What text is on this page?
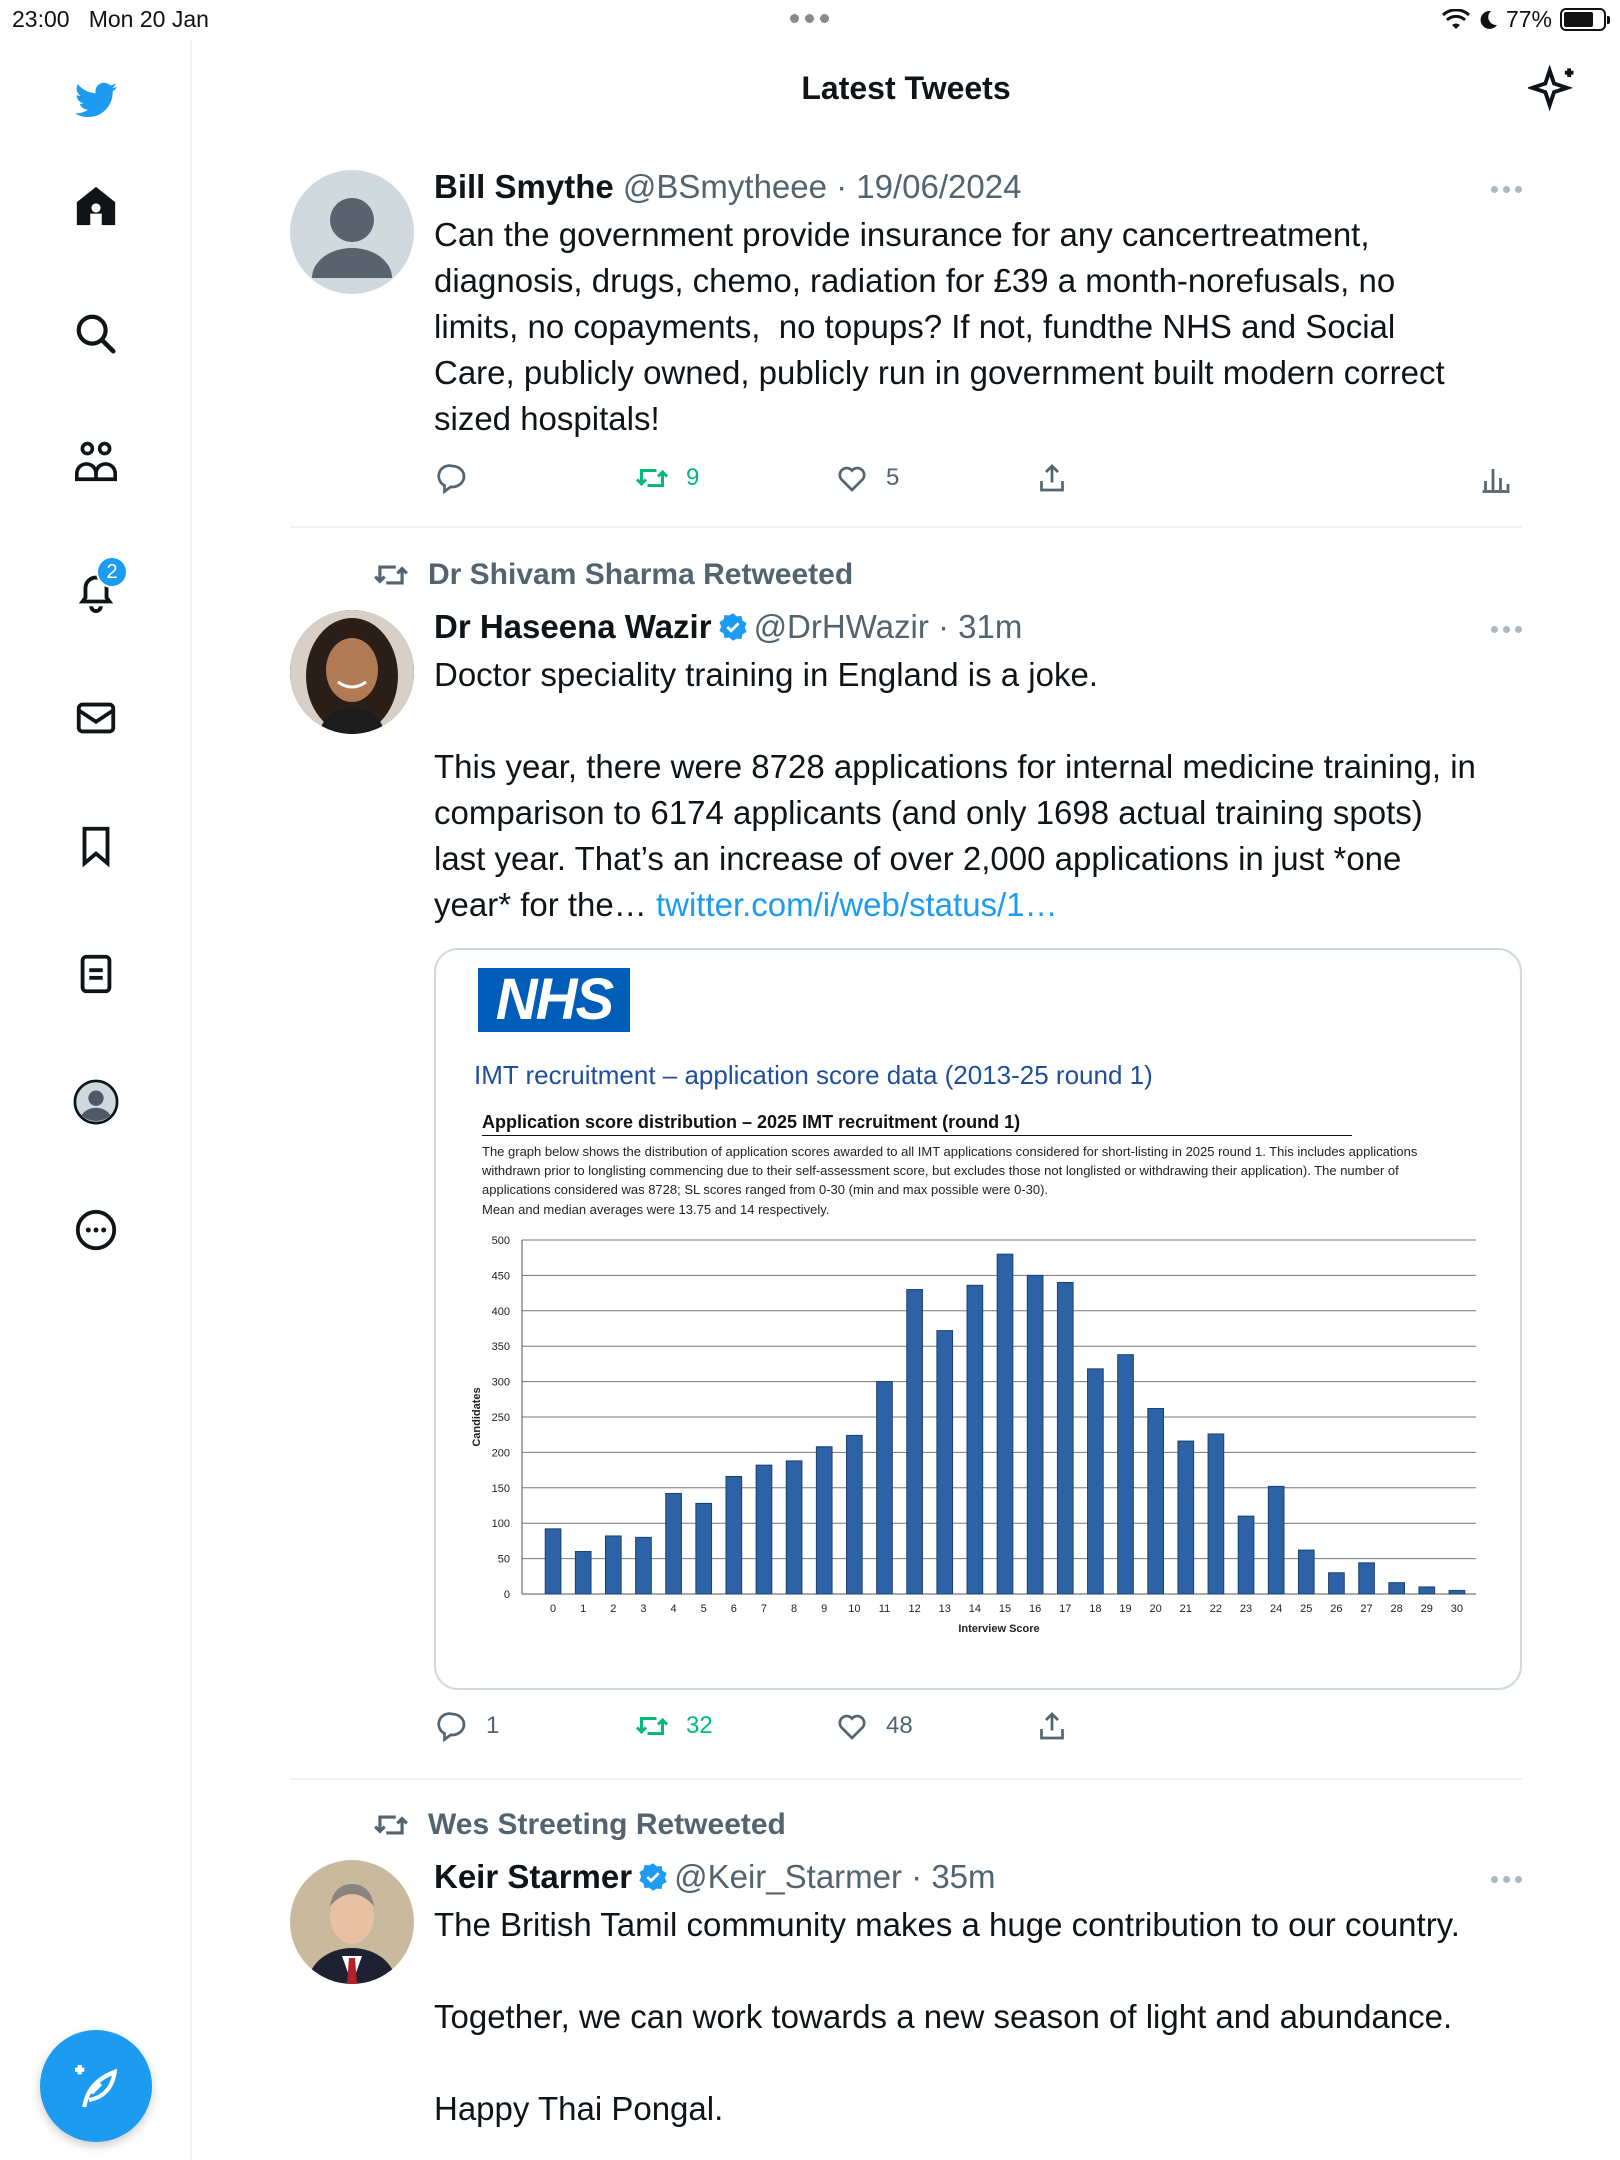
23:00 Mon 20 Jan	77%
2
Latest Tweets
Bill Smythe @BSmytheee · 19/06/2024
Can the government provide insurance for any cancertreatment,
diagnosis, drugs, chemo, radiation for £39 a month-norefusals, no
limits, no copayments,  no topups? If not, fundthe NHS and Social
Care, publicly owned, publicly run in government built modern correct
sized hospitals!
9	5
Dr Shivam Sharma Retweeted
Dr Haseena Wazir @DrHWazir · 31m
Doctor speciality training in England is a joke.

This year, there were 8728 applications for internal medicine training, in
comparison to 6174 applicants (and only 1698 actual training spots)
last year. That’s an increase of over 2,000 applications in just *one
year* for the… twitter.com/i/web/status/1…
NHS
IMT recruitment – application score data (2013-25 round 1)
Application score distribution – 2025 IMT recruitment (round 1)
The graph below shows the distribution of application scores awarded to all IMT applications considered for short-listing in 2025 round 1. This includes applications withdrawn prior to longlisting commencing due to their self-assessment score, but excludes those not longlisted or withdrawing their application). The number of applications considered was 8728; SL scores ranged from 0-30 (min and max possible were 0-30).
Mean and median averages were 13.75 and 14 respectively.
0
50
100
150
200
250
300
350
400
450
500
0 1 2 3 4 5 6 7 8 9 10 11 12 13 14 15 16 17 18 19 20 21 22 23 24 25 26 27 28 29 30
Interview Score
Candidates
1	32	48
Wes Streeting Retweeted
Keir Starmer @Keir_Starmer · 35m
The British Tamil community makes a huge contribution to our country.

Together, we can work towards a new season of light and abundance.

Happy Thai Pongal.
